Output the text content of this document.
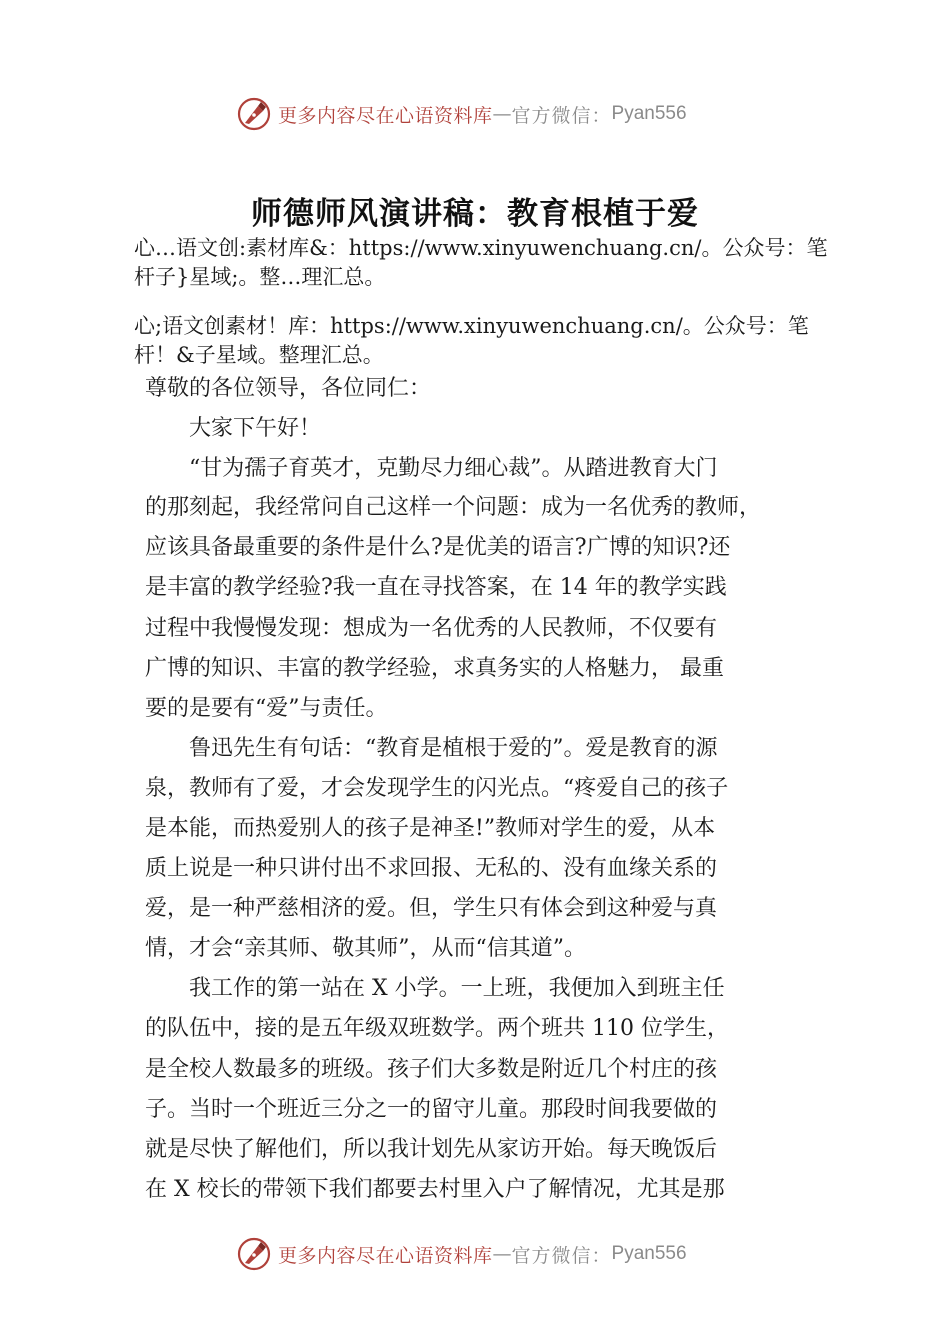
更多内容尽在心语资料库 — 官方微信： Pyan556
师德师风演讲稿：教育根植于爱
心…语文创:素材库&：https://www.xinyuwenchuang.cn/。公众号：笔杆子}星域;。整…理汇总。
心;语文创素材！库：https://www.xinyuwenchuang.cn/。公众号：笔杆！&子星域。整理汇总。
尊敬的各位领导，各位同仁：
　　大家下午好！
　　“甘为孺子育英才，克勤尽力细心裁”。从踏进教育大门
的那刻起，我经常问自己这样一个问题：成为一名优秀的教师，
应该具备最重要的条件是什么?是优美的语言?广博的知识?还
是丰富的教学经验?我一直在寻找答案，在 14 年的教学实践
过程中我慢慢发现：想成为一名优秀的人民教师，不仅要有
广博的知识、丰富的教学经验，求真务实的人格魅力， 最重
要的是要有“爱”与责任。
　　鲁迅先生有句话：“教育是植根于爱的”。爱是教育的源
泉，教师有了爱，才会发现学生的闪光点。“疼爱自己的孩子
是本能，而热爱别人的孩子是神圣!”教师对学生的爱，从本
质上说是一种只讲付出不求回报、无私的、没有血缘关系的
爱，是一种严慈相济的爱。但，学生只有体会到这种爱与真
情，才会“亲其师、敬其师”，从而“信其道”。
　　我工作的第一站在 X 小学。一上班，我便加入到班主任
的队伍中，接的是五年级双班数学。两个班共 110 位学生，
是全校人数最多的班级。孩子们大多数是附近几个村庄的孩
子。当时一个班近三分之一的留守儿童。那段时间我要做的
就是尽快了解他们，所以我计划先从家访开始。每天晚饭后
在 X 校长的带领下我们都要去村里入户了解情况，尤其是那
更多内容尽在心语资料库 — 官方微信： Pyan556
